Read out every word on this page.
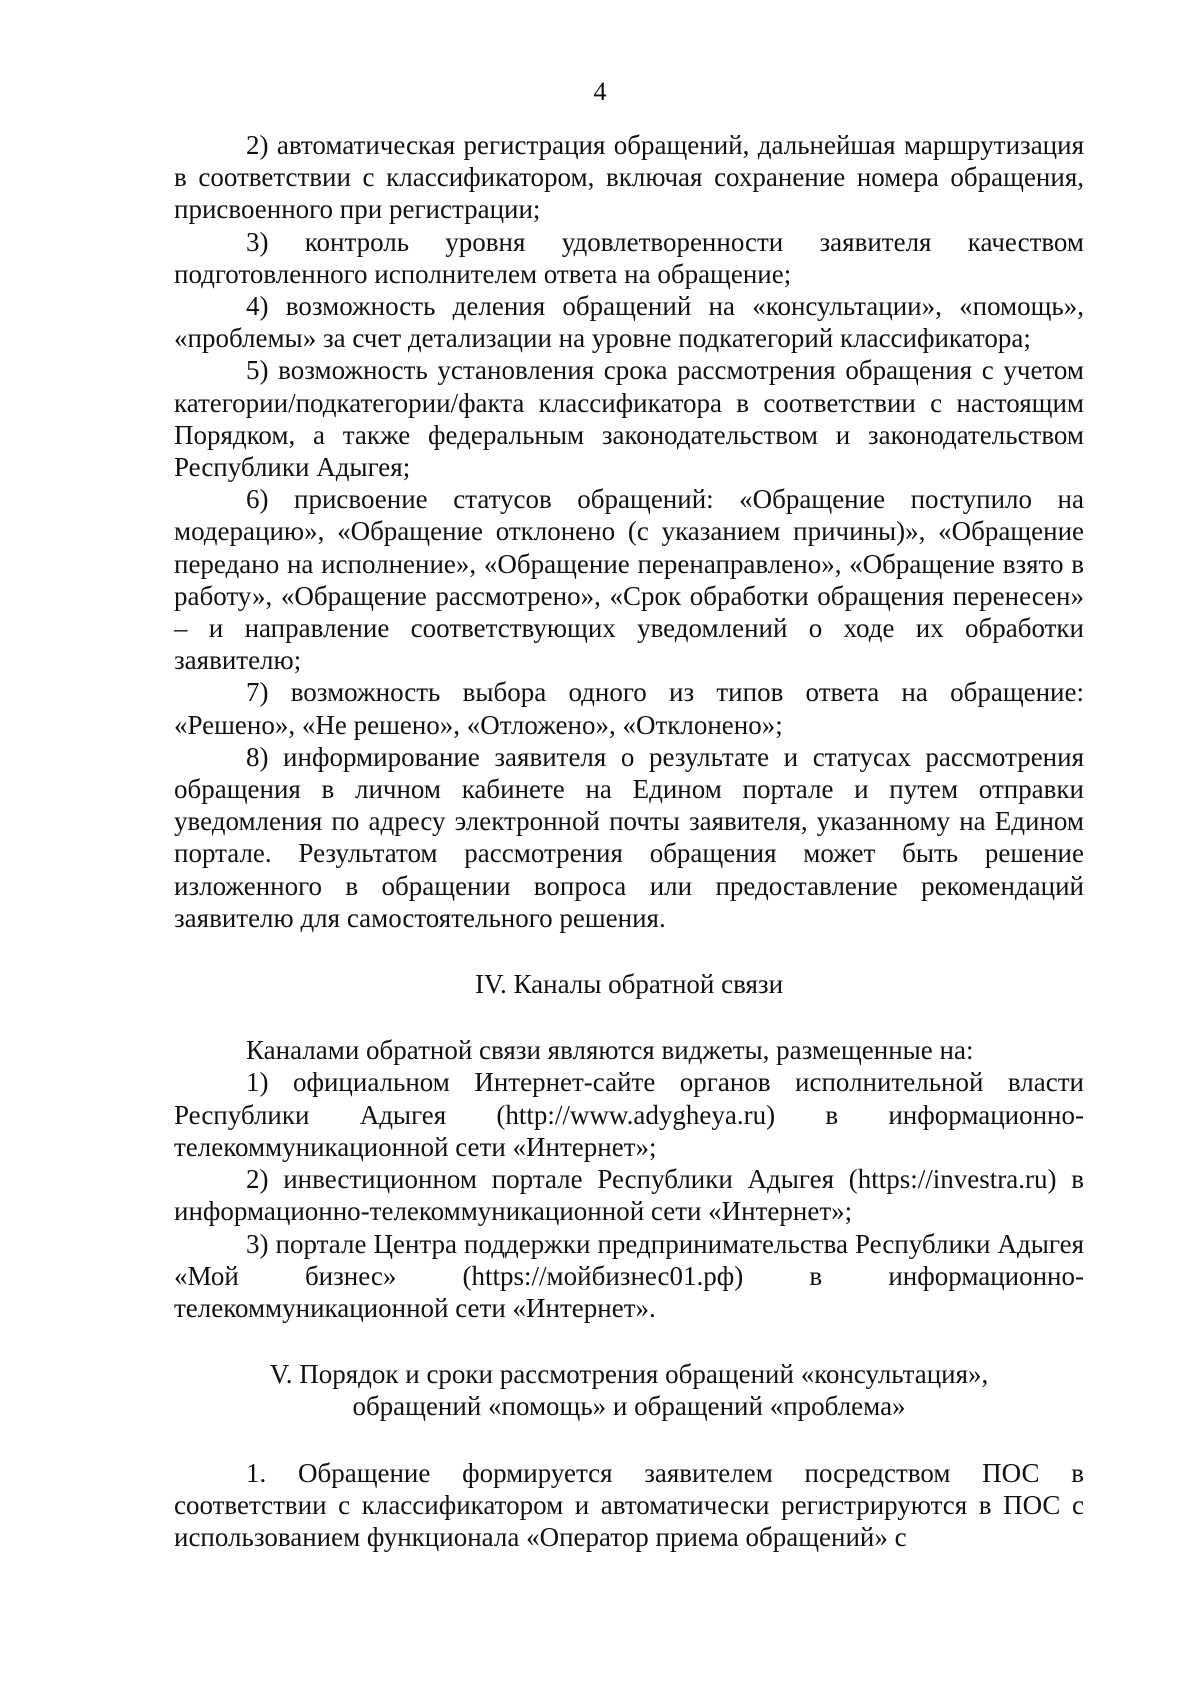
4

2) автоматическая регистрация обращений, дальнейшая маршрутизация в соответствии с классификатором, включая сохранение номера обращения, присвоенного при регистрации;

3) контроль уровня удовлетворенности заявителя качеством подготовленного исполнителем ответа на обращение;

4) возможность деления обращений на «консультации», «помощь», «проблемы» за счет детализации на уровне подкатегорий классификатора;

5) возможность установления срока рассмотрения обращения с учетом категории/подкатегории/факта классификатора в соответствии с настоящим Порядком, а также федеральным законодательством и законодательством Республики Адыгея;

6) присвоение статусов обращений: «Обращение поступило на модерацию», «Обращение отклонено (с указанием причины)», «Обращение передано на исполнение», «Обращение перенаправлено», «Обращение взято в работу», «Обращение рассмотрено», «Срок обработки обращения перенесен» – и направление соответствующих уведомлений о ходе их обработки заявителю;

7) возможность выбора одного из типов ответа на обращение: «Решено», «Не решено», «Отложено», «Отклонено»;

8) информирование заявителя о результате и статусах рассмотрения обращения в личном кабинете на Едином портале и путем отправки уведомления по адресу электронной почты заявителя, указанному на Едином портале. Результатом рассмотрения обращения может быть решение изложенного в обращении вопроса или предоставление рекомендаций заявителю для самостоятельного решения.

IV. Каналы обратной связи

Каналами обратной связи являются виджеты, размещенные на:

1) официальном Интернет-сайте органов исполнительной власти Республики Адыгея (http://www.adygheya.ru) в информационно-телекоммуникационной сети «Интернет»;

2) инвестиционном портале Республики Адыгея (https://investra.ru) в информационно-телекоммуникационной сети «Интернет»;

3) портале Центра поддержки предпринимательства Республики Адыгея «Мой бизнес» (https://мойбизнес01.рф) в информационно-телекоммуникационной сети «Интернет».

V. Порядок и сроки рассмотрения обращений «консультация»,

обращений «помощь» и обращений «проблема»

1. Обращение формируется заявителем посредством ПОС в соответствии с классификатором и автоматически регистрируются в ПОС с использованием функционала «Оператор приема обращений» с
